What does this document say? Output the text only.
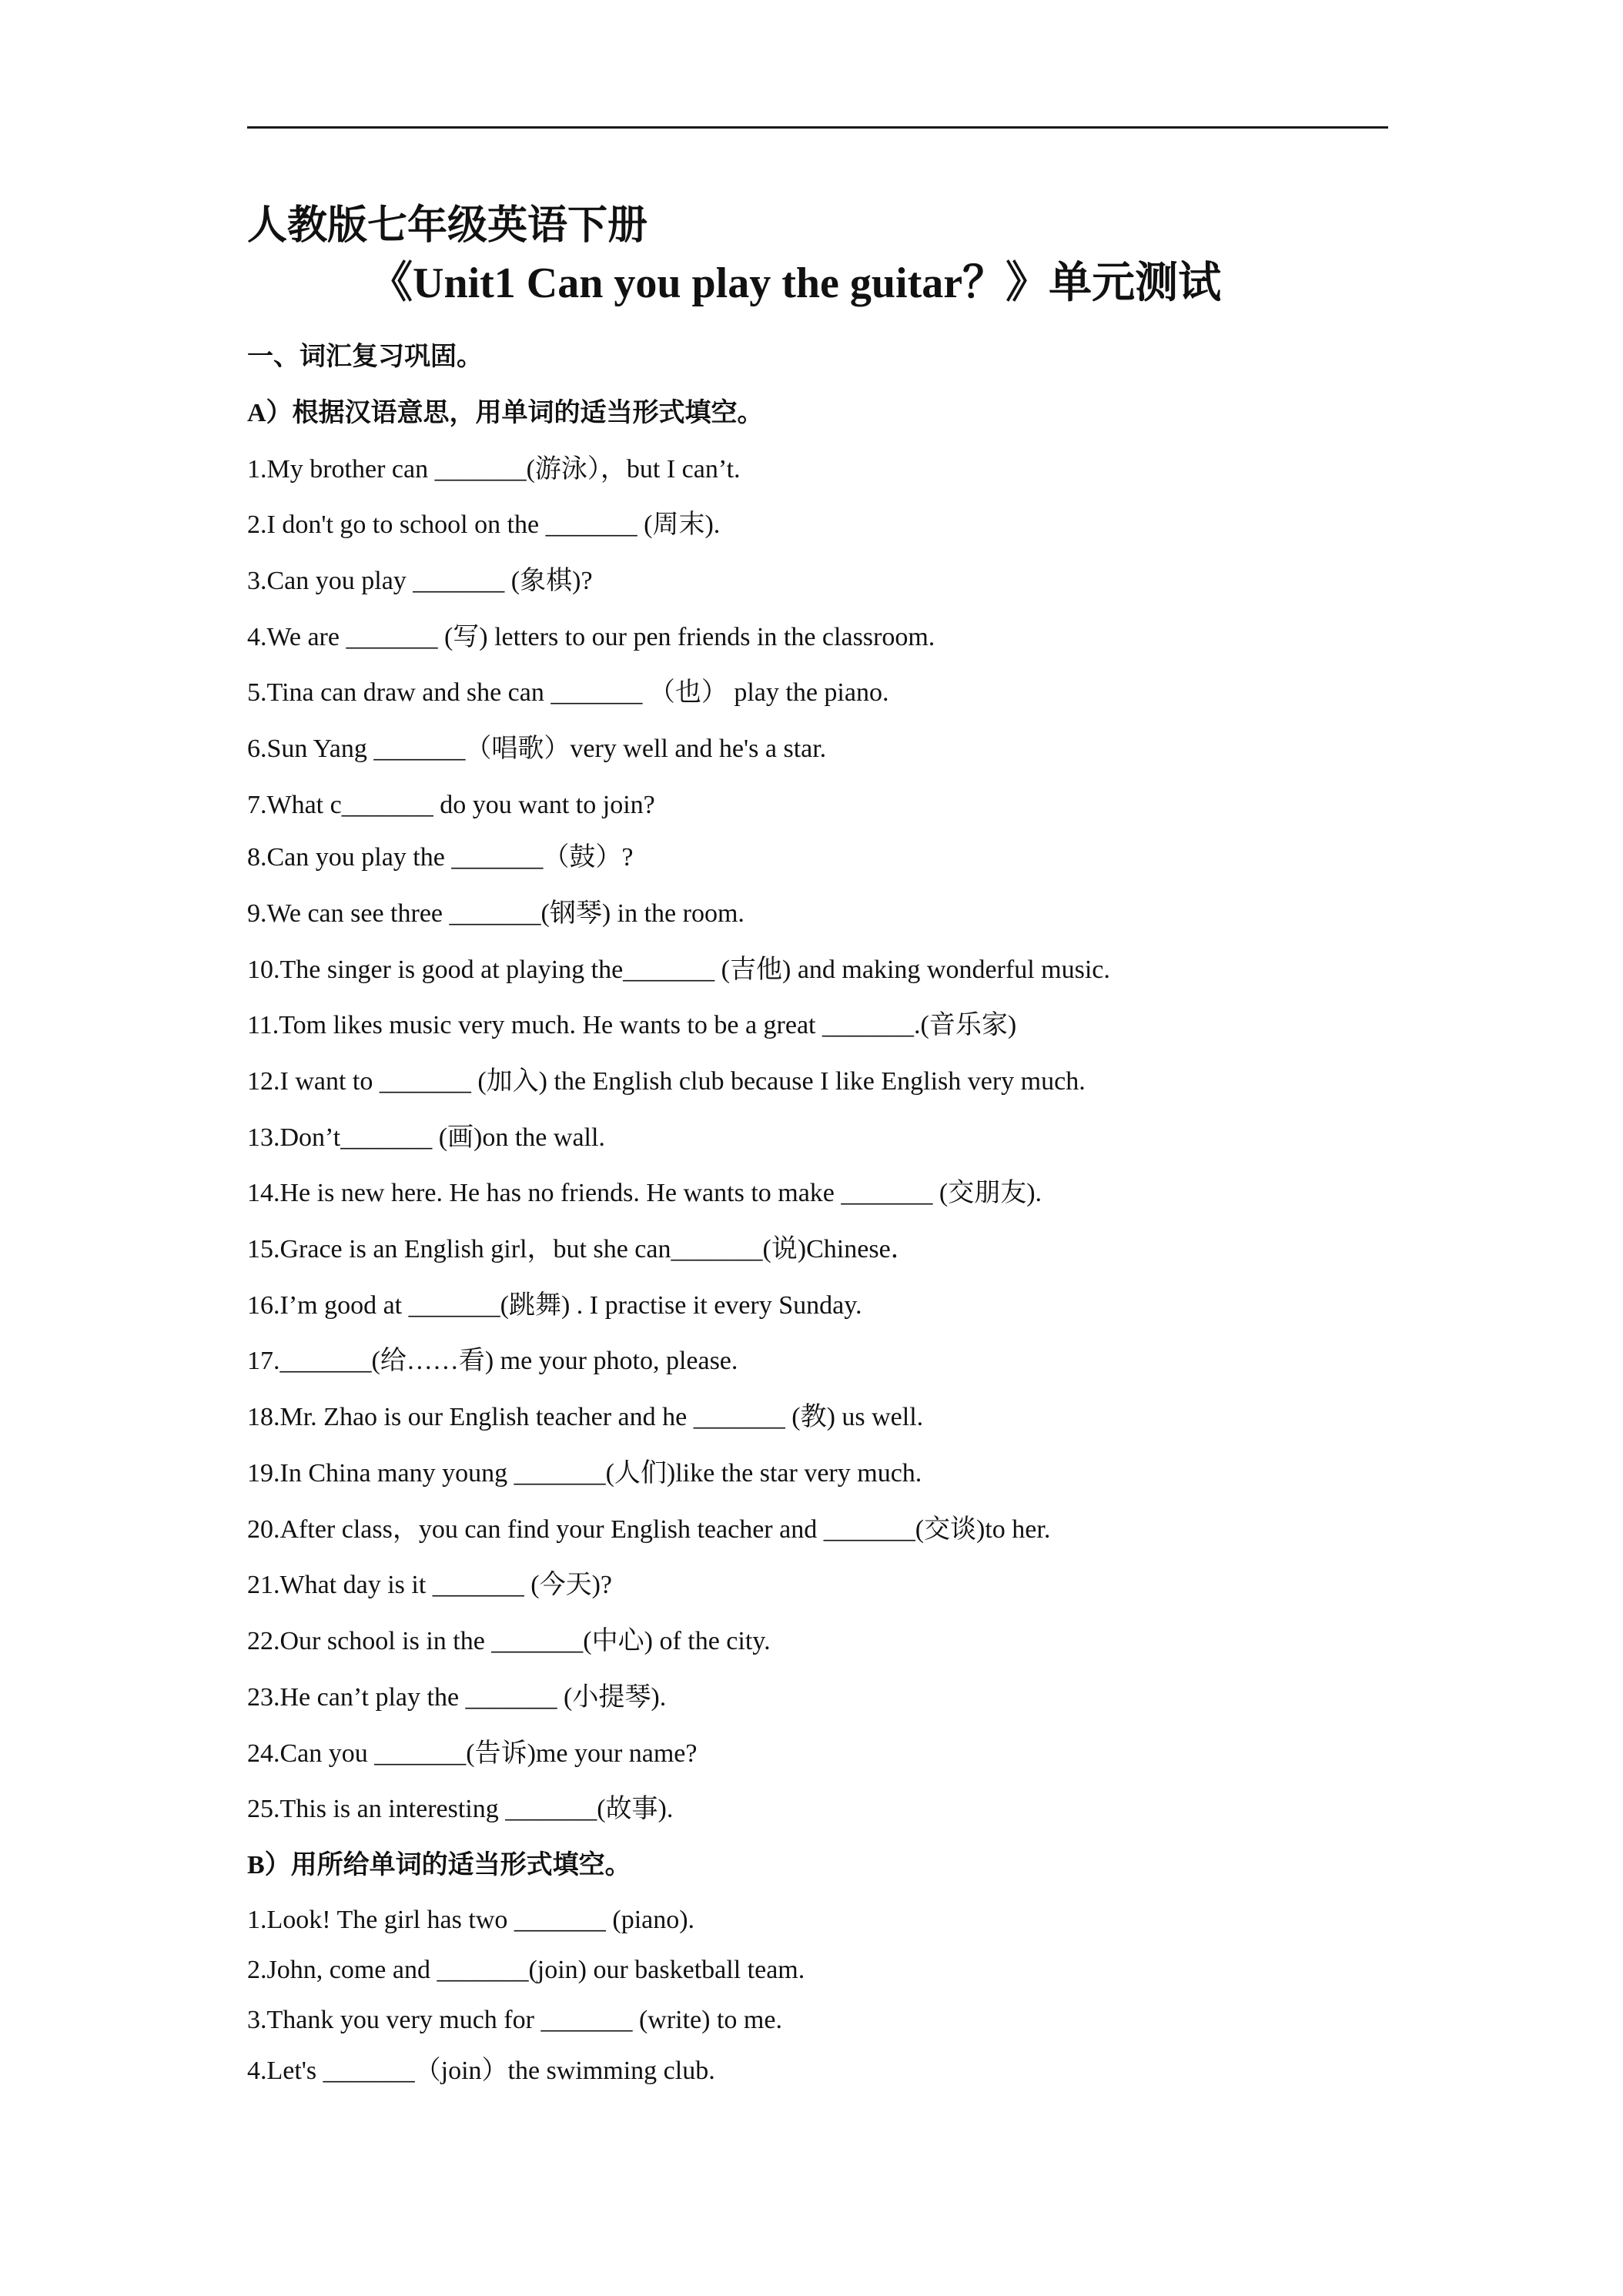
人教版七年级英语下册
《Unit1 Can you play the guitar？》单元测试
一、词汇复习巩固。
A）根据汉语意思，用单词的适当形式填空。
1.My brother can _______(游泳），but I can’t.
2.I don't go to school on the _______ (周末).
3.Can you play _______ (象棋)?
4.We are _______ (写) letters to our pen friends in the classroom.
5.Tina can draw and she can _______ （也） play the piano.
6.Sun Yang _______（唱歌）very well and he's a star.
7.What c_______ do you want to join?
8.Can you play the _______（鼓）?
9.We can see three _______(钢琴) in the room.
10.The singer is good at playing the_______ (吉他) and making wonderful music.
11.Tom likes music very much. He wants to be a great _______.(音乐家)
12.I want to _______ (加入) the English club because I like English very much.
13.Don’t_______ (画)on the wall.
14.He is new here. He has no friends. He wants to make _______ (交朋友).
15.Grace is an English girl，but she can_______(说)Chinese．
16.I’m good at _______(跳舞) . I practise it every Sunday.
17._______(给……看) me your photo, please.
18.Mr. Zhao is our English teacher and he _______ (教) us well.
19.In China many young _______(人们)like the star very much.
20.After class，you can find your English teacher and _______(交谈)to her.
21.What day is it _______ (今天)?
22.Our school is in the _______(中心) of the city.
23.He can’t play the _______ (小提琴).
24.Can you _______(告诉)me your name?
25.This is an interesting _______(故事).
B）用所给单词的适当形式填空。
1.Look! The girl has two _______ (piano).
2.John, come and _______(join) our basketball team.
3.Thank you very much for _______ (write) to me.
4.Let's _______（join）the swimming club.
